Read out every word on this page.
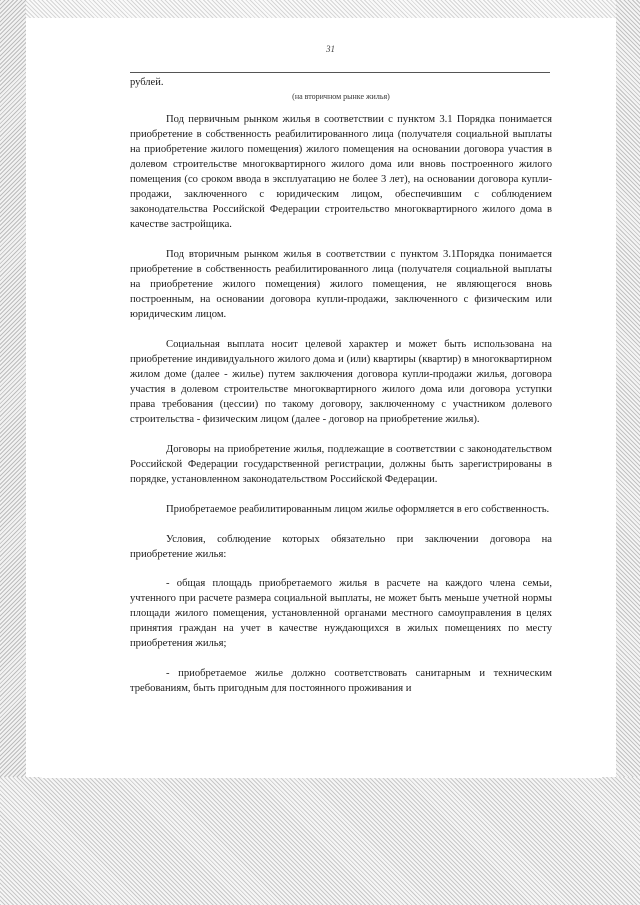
31
рублей.
(на вторичном рынке жилья)

Под первичным рынком жилья в соответствии с пунктом 3.1 Порядка понимается приобретение в собственность реабилитированного лица (получателя социальной выплаты на приобретение жилого помещения) жилого помещения на основании договора участия в долевом строительстве многоквартирного жилого дома или вновь построенного жилого помещения (со сроком ввода в эксплуатацию не более 3 лет), на основании договора купли-продажи, заключенного с юридическим лицом, обеспечившим с соблюдением законодательства Российской Федерации строительство многоквартирного жилого дома в качестве застройщика.

Под вторичным рынком жилья в соответствии с пунктом 3.1Порядка понимается приобретение в собственность реабилитированного лица (получателя социальной выплаты на приобретение жилого помещения) жилого помещения, не являющегося вновь построенным, на основании договора купли-продажи, заключенного с физическим или юридическим лицом.

Социальная выплата носит целевой характер и может быть использована на приобретение индивидуального жилого дома и (или) квартиры (квартир) в многоквартирном жилом доме (далее - жилье) путем заключения договора купли-продажи жилья, договора участия в долевом строительстве многоквартирного жилого дома или договора уступки права требования (цессии) по такому договору, заключенному с участником долевого строительства - физическим лицом (далее - договор на приобретение жилья).

Договоры на приобретение жилья, подлежащие в соответствии с законодательством Российской Федерации государственной регистрации, должны быть зарегистрированы в порядке, установленном законодательством Российской Федерации.

Приобретаемое реабилитированным лицом жилье оформляется в его собственность.

Условия, соблюдение которых обязательно при заключении договора на приобретение жилья:

- общая площадь приобретаемого жилья в расчете на каждого члена семьи, учтенного при расчете размера социальной выплаты, не может быть меньше учетной нормы площади жилого помещения, установленной органами местного самоуправления в целях принятия граждан на учет в качестве нуждающихся в жилых помещениях по месту приобретения жилья;

- приобретаемое жилье должно соответствовать санитарным и техническим требованиям, быть пригодным для постоянного проживания и
